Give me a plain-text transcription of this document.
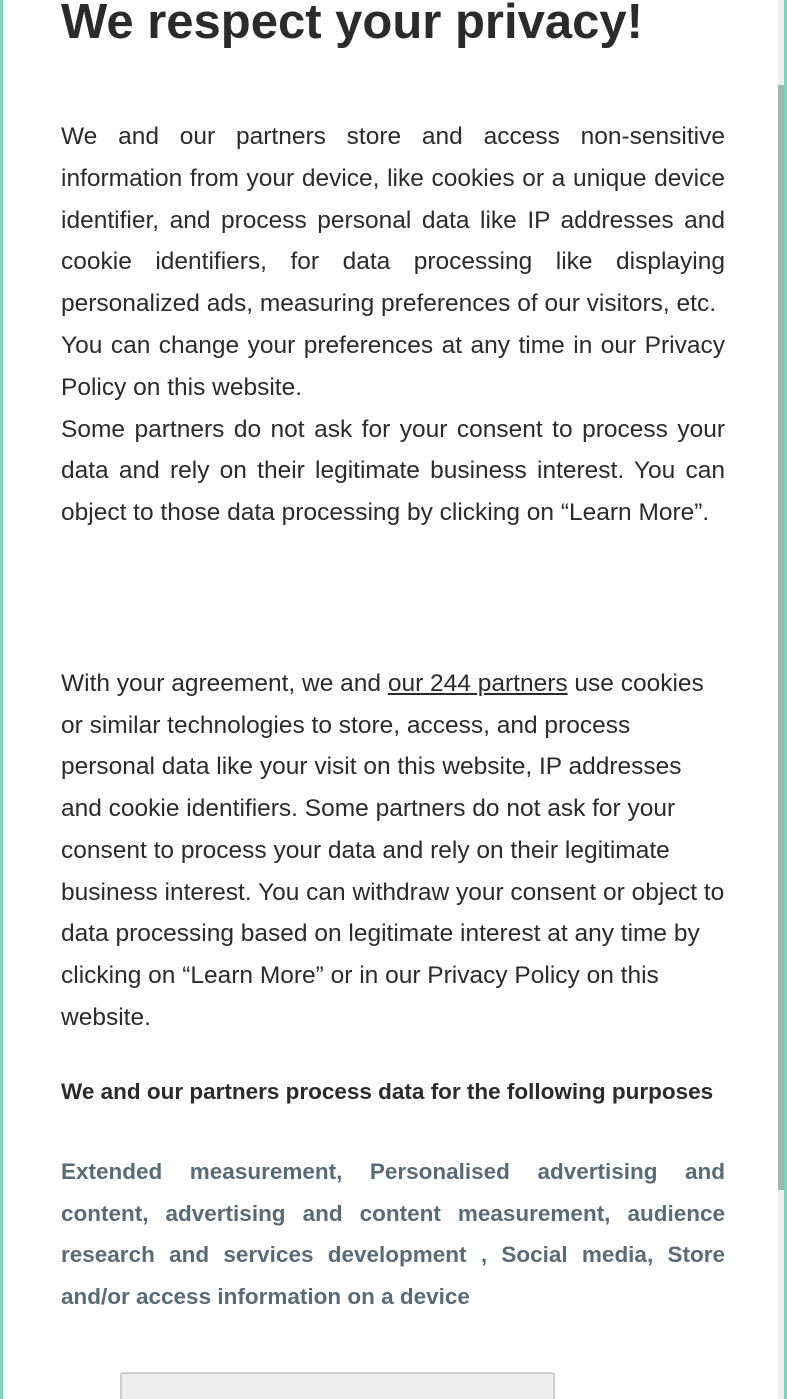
We respect your privacy!

We and our partners store and access non-sensitive information from your device, like cookies or a unique device identifier, and process personal data like IP addresses and cookie identifiers, for data processing like displaying personalized ads, measuring preferences of our visitors, etc.

You can change your preferences at any time in our Privacy Policy on this website.

Some partners do not ask for your consent to process your data and rely on their legitimate business interest. You can object to those data processing by clicking on “Learn More”.

With your agreement, we and our 244 partners use cookies or similar technologies to store, access, and process personal data like your visit on this website, IP addresses and cookie identifiers. Some partners do not ask for your consent to process your data and rely on their legitimate business interest. You can withdraw your consent or object to data processing based on legitimate interest at any time by clicking on “Learn More” or in our Privacy Policy on this website.

We and our partners process data for the following purposes

Extended measurement, Personalised advertising and content, advertising and content measurement, audience research and services development , Social media, Store and/or access information on a device
